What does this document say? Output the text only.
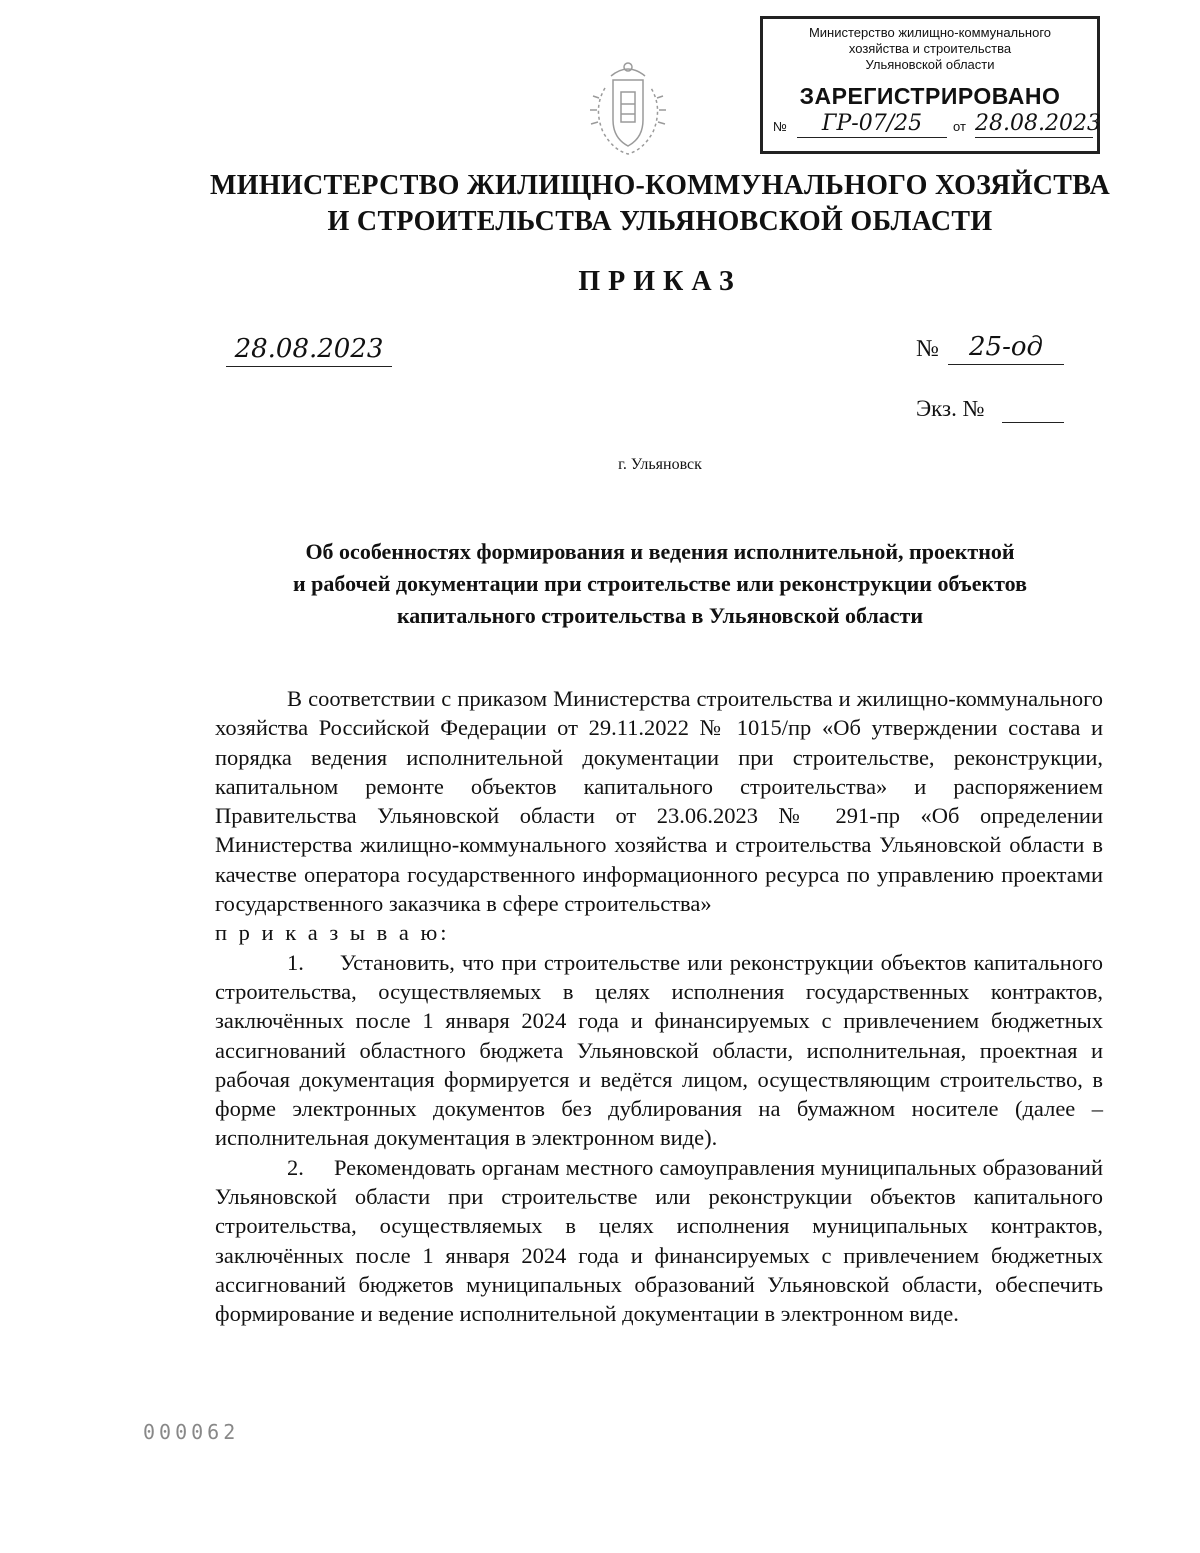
Министерство жилищно-коммунального
хозяйства и строительства
Ульяновской области
ЗАРЕГИСТРИРОВАНО
№	ГР-07/25	от 28.08.2023
МИНИСТЕРСТВО ЖИЛИЩНО-КОММУНАЛЬНОГО ХОЗЯЙСТВА
И СТРОИТЕЛЬСТВА УЛЬЯНОВСКОЙ ОБЛАСТИ
ПРИКАЗ
28.08.2023	№	25-од
Экз. №
г. Ульяновск
Об особенностях формирования и ведения исполнительной, проектной
и рабочей документации при строительстве или реконструкции объектов
капитального строительства в Ульяновской области

В соответствии с приказом Министерства строительства и жилищно-коммунального хозяйства Российской Федерации от 29.11.2022 № 1015/пр «Об утверждении состава и порядка ведения исполнительной документации при строительстве, реконструкции, капитальном ремонте объектов капитального строительства» и распоряжением Правительства Ульяновской области от 23.06.2023 № 291-пр «Об определении Министерства жилищно-коммунального хозяйства и строительства Ульяновской области в качестве оператора государственного информационного ресурса по управлению проектами государственного заказчика в сфере строительства»

п р и к а з ы в а ю:

1. Установить, что при строительстве или реконструкции объектов капитального строительства, осуществляемых в целях исполнения государственных контрактов, заключённых после 1 января 2024 года и финансируемых с привлечением бюджетных ассигнований областного бюджета Ульяновской области, исполнительная, проектная и рабочая документация формируется и ведётся лицом, осуществляющим строительство, в форме электронных документов без дублирования на бумажном носителе (далее – исполнительная документация в электронном виде).

2. Рекомендовать органам местного самоуправления муниципальных образований Ульяновской области при строительстве или реконструкции объектов капитального строительства, осуществляемых в целях исполнения муниципальных контрактов, заключённых после 1 января 2024 года и финансируемых с привлечением бюджетных ассигнований бюджетов муниципальных образований Ульяновской области, обеспечить формирование и ведение исполнительной документации в электронном виде.

000062
